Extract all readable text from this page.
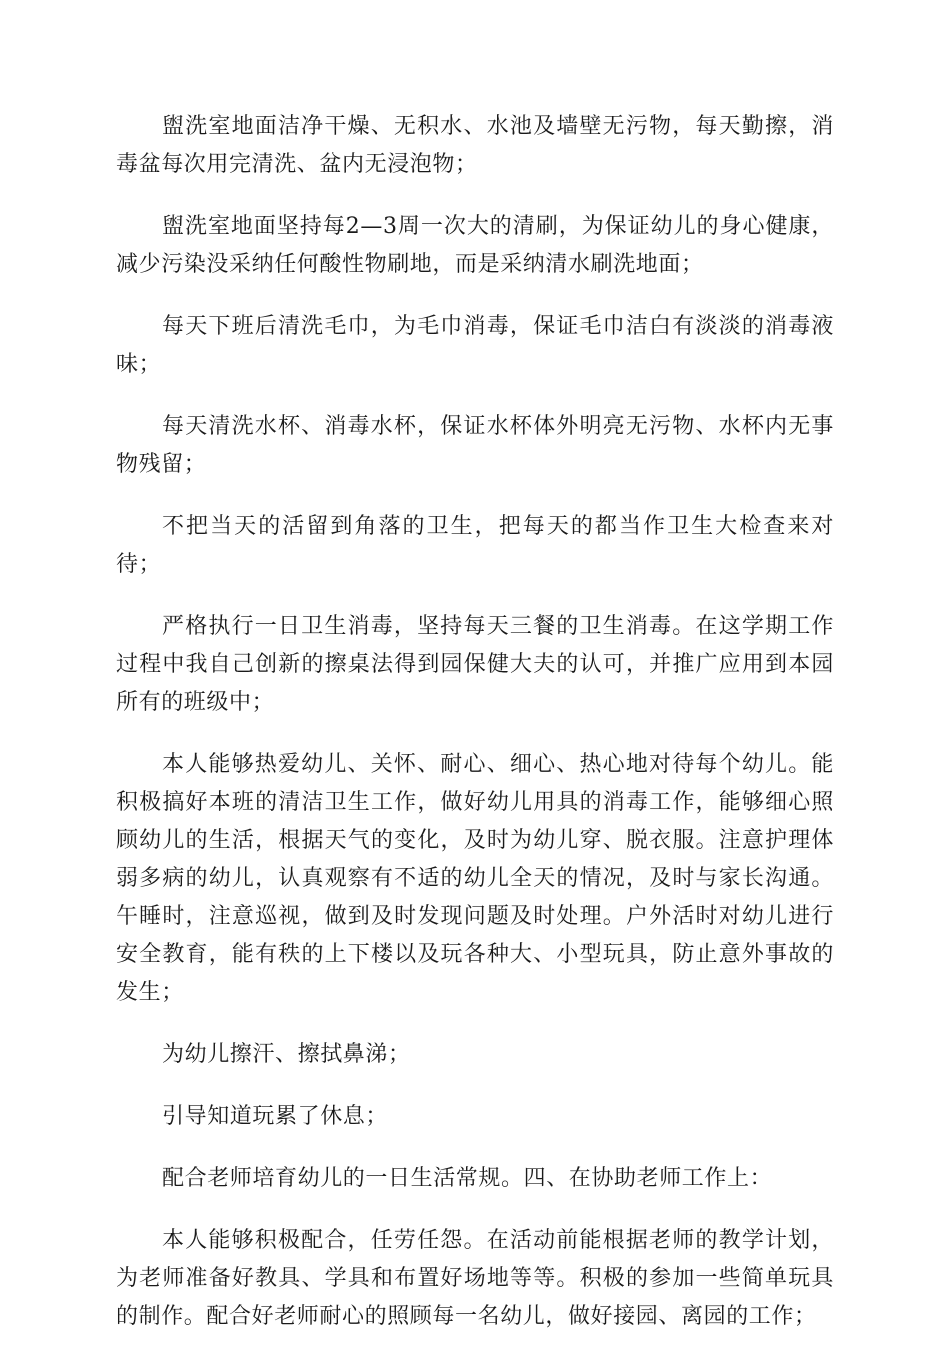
盥洗室地面洁净干燥、无积水、水池及墙壁无污物，每天勤擦，消毒盆每次用完清洗、盆内无浸泡物；

盥洗室地面坚持每2—3周一次大的清刷，为保证幼儿的身心健康，减少污染没采纳任何酸性物刷地，而是采纳清水刷洗地面；

每天下班后清洗毛巾，为毛巾消毒，保证毛巾洁白有淡淡的消毒液味；

每天清洗水杯、消毒水杯，保证水杯体外明亮无污物、水杯内无事物残留；

不把当天的活留到角落的卫生，把每天的都当作卫生大检查来对待；

严格执行一日卫生消毒，坚持每天三餐的卫生消毒。在这学期工作过程中我自己创新的擦桌法得到园保健大夫的认可，并推广应用到本园所有的班级中；

本人能够热爱幼儿、关怀、耐心、细心、热心地对待每个幼儿。能积极搞好本班的清洁卫生工作，做好幼儿用具的消毒工作，能够细心照顾幼儿的生活，根据天气的变化，及时为幼儿穿、脱衣服。注意护理体弱多病的幼儿，认真观察有不适的幼儿全天的情况，及时与家长沟通。午睡时，注意巡视，做到及时发现问题及时处理。户外活时对幼儿进行安全教育，能有秩的上下楼以及玩各种大、小型玩具，防止意外事故的发生；

为幼儿擦汗、擦拭鼻涕；

引导知道玩累了休息；

配合老师培育幼儿的一日生活常规。四、在协助老师工作上：

本人能够积极配合，任劳任怨。在活动前能根据老师的教学计划，为老师准备好教具、学具和布置好场地等等。积极的参加一些简单玩具的制作。配合好老师耐心的照顾每一名幼儿，做好接园、离园的工作；
